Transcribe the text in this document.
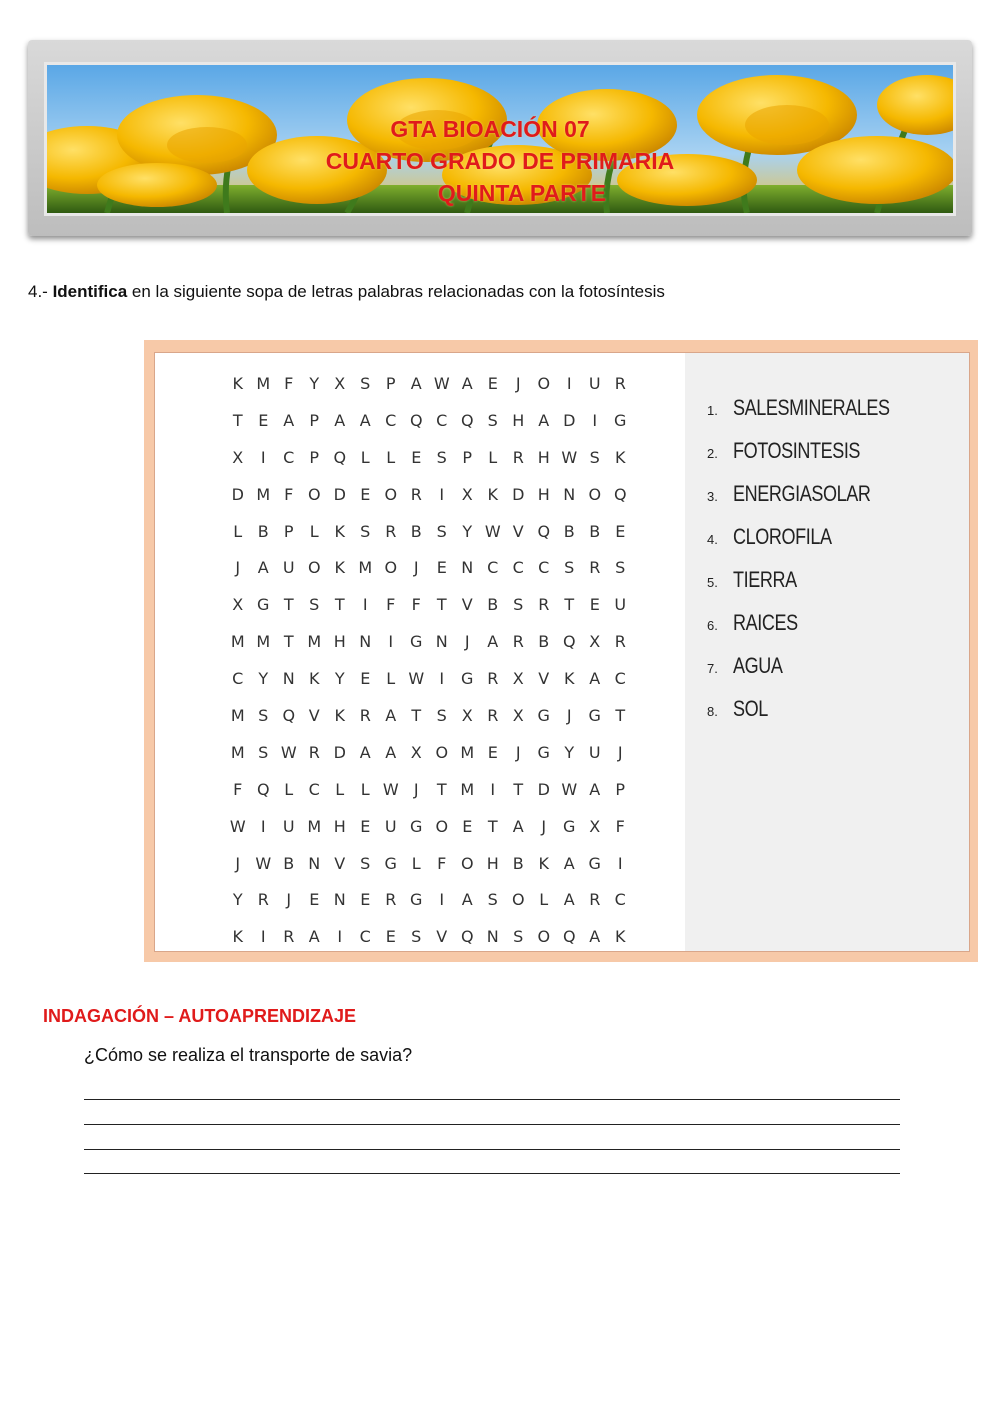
GTA BIOACIÓN 07
CUARTO GRADO DE PRIMARIA
QUINTA PARTE
4.- Identifica en la siguiente sopa de letras palabras relacionadas con la fotosíntesis
K M F	Y X S P A W A E	J	O	I	U R
T E A P A A C Q C Q S H A D	I	G
X	I	C P Q L	L E S P	L R H W S K
D M F O D E O R	I	X K D H N O Q
L B P	L K S R B S Y W V Q B B E
J	A U O K M O	J	E N C C C S R S
X G T S T	I	F	F	T V B S R T E U
M M T M H N	I	G N	J	A R B Q X R
C Y N K Y E L W I	G R X V K A C
M S Q V K R A T S X R X G	J	G T
M S W R D A A X O M E	J	G Y U	J
F Q L C L	L W J	T M	I	T D W A P
W I	U M H E U G O E T A	J	G X F
J W B N V S G L	F O H B K A G	I
Y R	J	E N E R G	I	A S O L A R C
K	I	R A	I	C E S V Q N S O Q A K
1. SALESMINERALES
2. FOTOSINTESIS
3. ENERGIASOLAR
4. CLOROFILA
5. TIERRA
6. RAICES
7. AGUA
8. SOL
INDAGACIÓN – AUTOAPRENDIZAJE
¿Cómo se realiza el transporte de savia?
